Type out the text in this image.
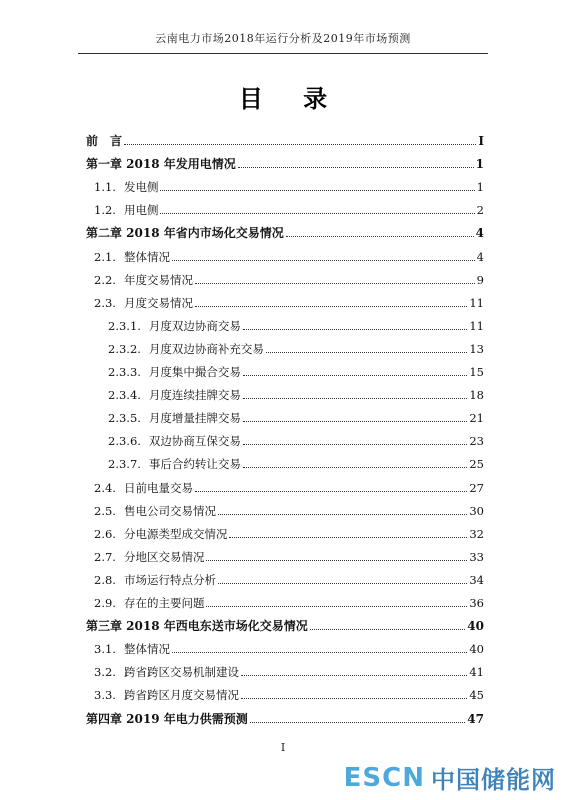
云南电力市场2018年运行分析及2019年市场预测
目 录
前　言	I
第一章 2018 年发用电情况	1
1.1. 发电侧	1
1.2. 用电侧	2
第二章 2018 年省内市场化交易情况	4
2.1. 整体情况	4
2.2. 年度交易情况	9
2.3. 月度交易情况	11
2.3.1. 月度双边协商交易	11
2.3.2. 月度双边协商补充交易	13
2.3.3. 月度集中撮合交易	15
2.3.4. 月度连续挂牌交易	18
2.3.5. 月度增量挂牌交易	21
2.3.6. 双边协商互保交易	23
2.3.7. 事后合约转让交易	25
2.4. 日前电量交易	27
2.5. 售电公司交易情况	30
2.6. 分电源类型成交情况	32
2.7. 分地区交易情况	33
2.8. 市场运行特点分析	34
2.9. 存在的主要问题	36
第三章 2018 年西电东送市场化交易情况	40
3.1. 整体情况	40
3.2. 跨省跨区交易机制建设	41
3.3. 跨省跨区月度交易情况	45
第四章 2019 年电力供需预测	47
I
ESCN 中国储能网
